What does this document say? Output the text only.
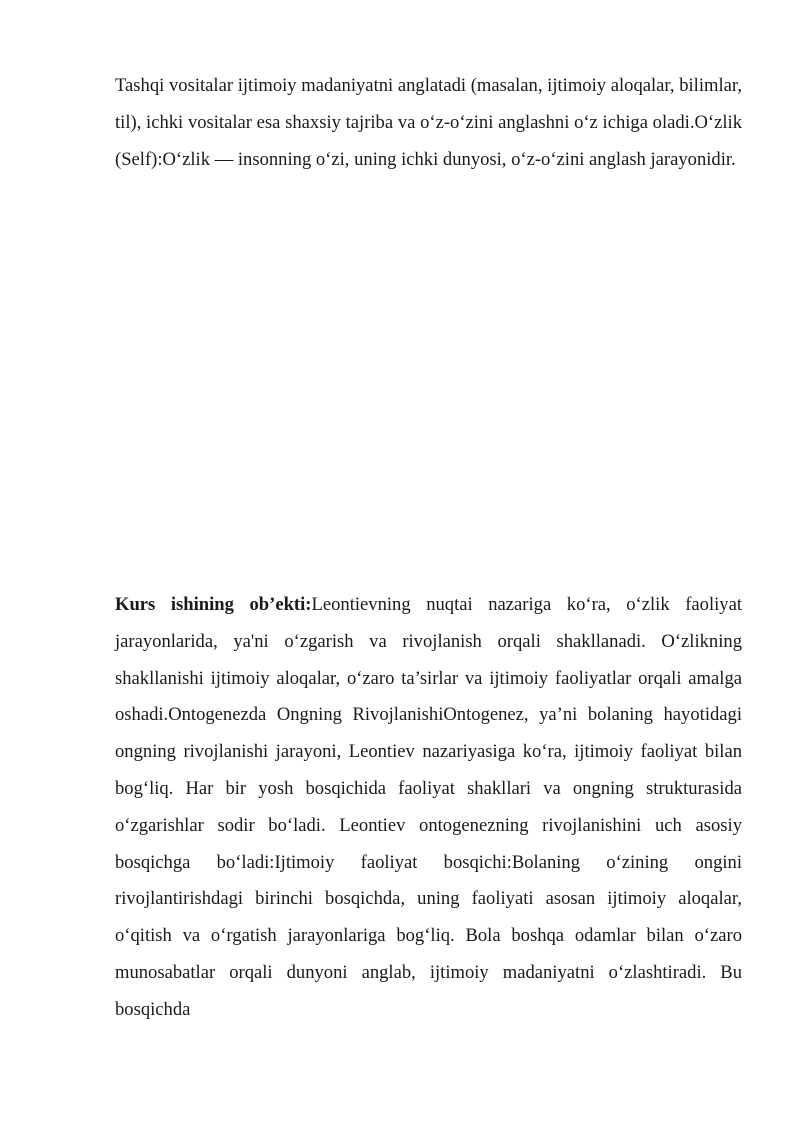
Tashqi vositalar ijtimoiy madaniyatni anglatadi (masalan, ijtimoiy aloqalar, bilimlar, til), ichki vositalar esa shaxsiy tajriba va o‘z-o‘zini anglashni o‘z ichiga oladi.O‘zlik (Self):O‘zlik — insonning o‘zi, uning ichki dunyosi, o‘z-o‘zini anglash jarayonidir.

Kurs ishining ob’ekti:Leontievning nuqtai nazariga ko‘ra, o‘zlik faoliyat jarayonlarida, ya'ni o‘zgarish va rivojlanish orqali shakllanadi. O‘zlikning shakllanishi ijtimoiy aloqalar, o‘zaro ta’sirlar va ijtimoiy faoliyatlar orqali amalga oshadi.Ontogenezda Ongning RivojlanishiOntogenez, ya’ni bolaning hayotidagi ongning rivojlanishi jarayoni, Leontiev nazariyasiga ko‘ra, ijtimoiy faoliyat bilan bog‘liq. Har bir yosh bosqichida faoliyat shakllari va ongning strukturasida o‘zgarishlar sodir bo‘ladi. Leontiev ontogenezning rivojlanishini uch asosiy bosqichga bo‘ladi:Ijtimoiy faoliyat bosqichi:Bolaning o‘zining ongini rivojlantirishdagi birinchi bosqichda, uning faoliyati asosan ijtimoiy aloqalar, o‘qitish va o‘rgatish jarayonlariga bog‘liq. Bola boshqa odamlar bilan o‘zaro munosabatlar orqali dunyoni anglab, ijtimoiy madaniyatni o‘zlashtiradi. Bu bosqichda
